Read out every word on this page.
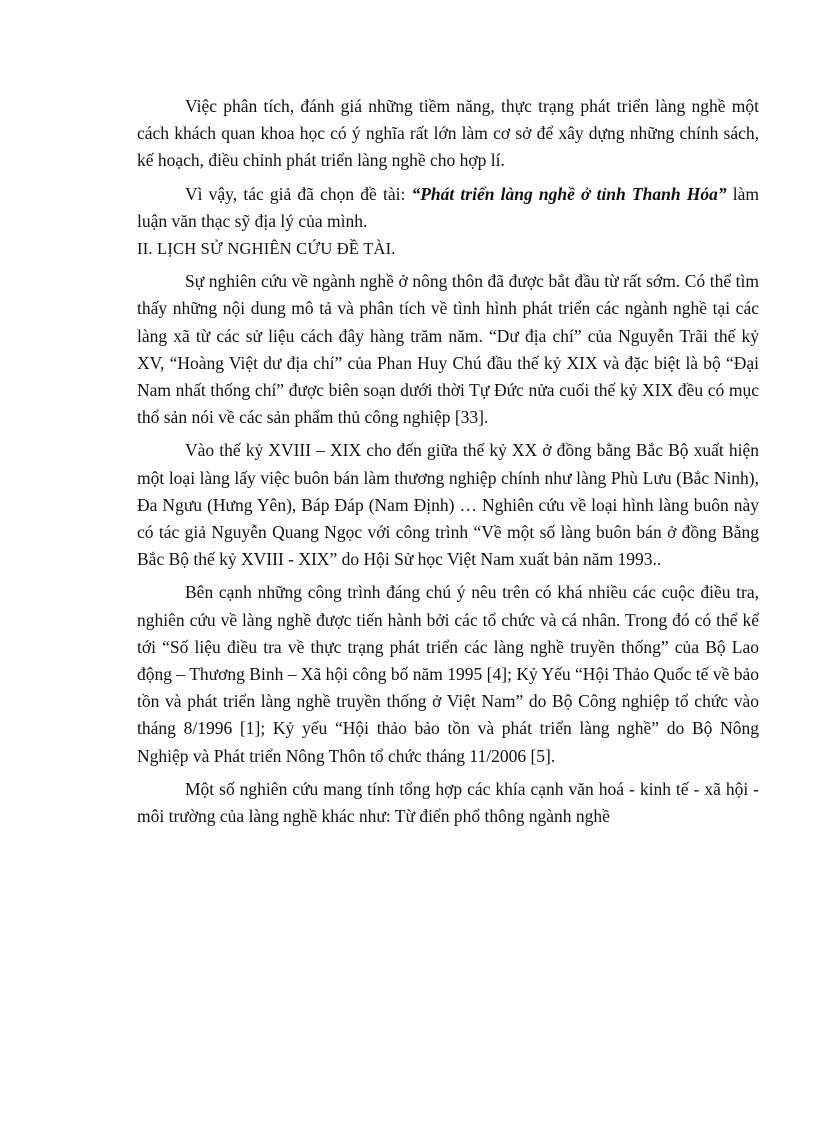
Việc phân tích, đánh giá những tiềm năng, thực trạng phát triển làng nghề một cách khách quan khoa học có ý nghĩa rất lớn làm cơ sở để xây dựng những chính sách, kế hoạch, điều chỉnh phát triển làng nghề cho hợp lí.

Vì vậy, tác giả đã chọn đề tài: “Phát triển làng nghề ở tỉnh Thanh Hóa” làm luận văn thạc sỹ địa lý của mình.

II. LỊCH SỬ NGHIÊN CỨU ĐỀ TÀI.

Sự nghiên cứu về ngành nghề ở nông thôn đã được bắt đầu từ rất sớm. Có thể tìm thấy những nội dung mô tả và phân tích về tình hình phát triển các ngành nghề tại các làng xã từ các sử liệu cách đây hàng trăm năm. “Dư địa chí” của Nguyễn Trãi thế kỷ XV, “Hoàng Việt dư địa chí” của Phan Huy Chú đầu thế kỷ XIX và đặc biệt là bộ “Đại Nam nhất thống chí” được biên soạn dưới thời Tự Đức nửa cuối thế kỷ XIX đều có mục thổ sản nói về các sản phẩm thủ công nghiệp [33].

Vào thế kỷ XVIII – XIX cho đến giữa thế kỷ XX ở đồng bằng Bắc Bộ xuất hiện một loại làng lấy việc buôn bán làm thương nghiệp chính như làng Phù Lưu (Bắc Ninh), Đa Ngưu (Hưng Yên), Báp Đáp (Nam Định) … Nghiên cứu về loại hình làng buôn này có tác giả Nguyễn Quang Ngọc với công trình “Về một số làng buôn bán ở đồng Bằng Bắc Bộ thế kỷ XVIII - XIX” do Hội Sử học Việt Nam xuất bản năm 1993..

Bên cạnh những công trình đáng chú ý nêu trên có khá nhiều các cuộc điều tra, nghiên cứu về làng nghề được tiến hành bởi các tổ chức và cá nhân. Trong đó có thể kể tới “Số liệu điều tra về thực trạng phát triển các làng nghề truyền thống” của Bộ Lao động – Thương Binh – Xã hội công bố năm 1995 [4]; Kỷ Yếu “Hội Thảo Quốc tế về bảo tồn và phát triển làng nghề truyền thống ở Việt Nam” do Bộ Công nghiệp tổ chức vào tháng 8/1996 [1]; Kỷ yếu “Hội thảo bảo tồn và phát triển làng nghề” do Bộ Nông Nghiệp và Phát triển Nông Thôn tổ chức tháng 11/2006 [5].

Một số nghiên cứu mang tính tổng hợp các khía cạnh văn hoá - kinh tế - xã hội - môi trường của làng nghề khác như: Từ điển phổ thông ngành nghề
